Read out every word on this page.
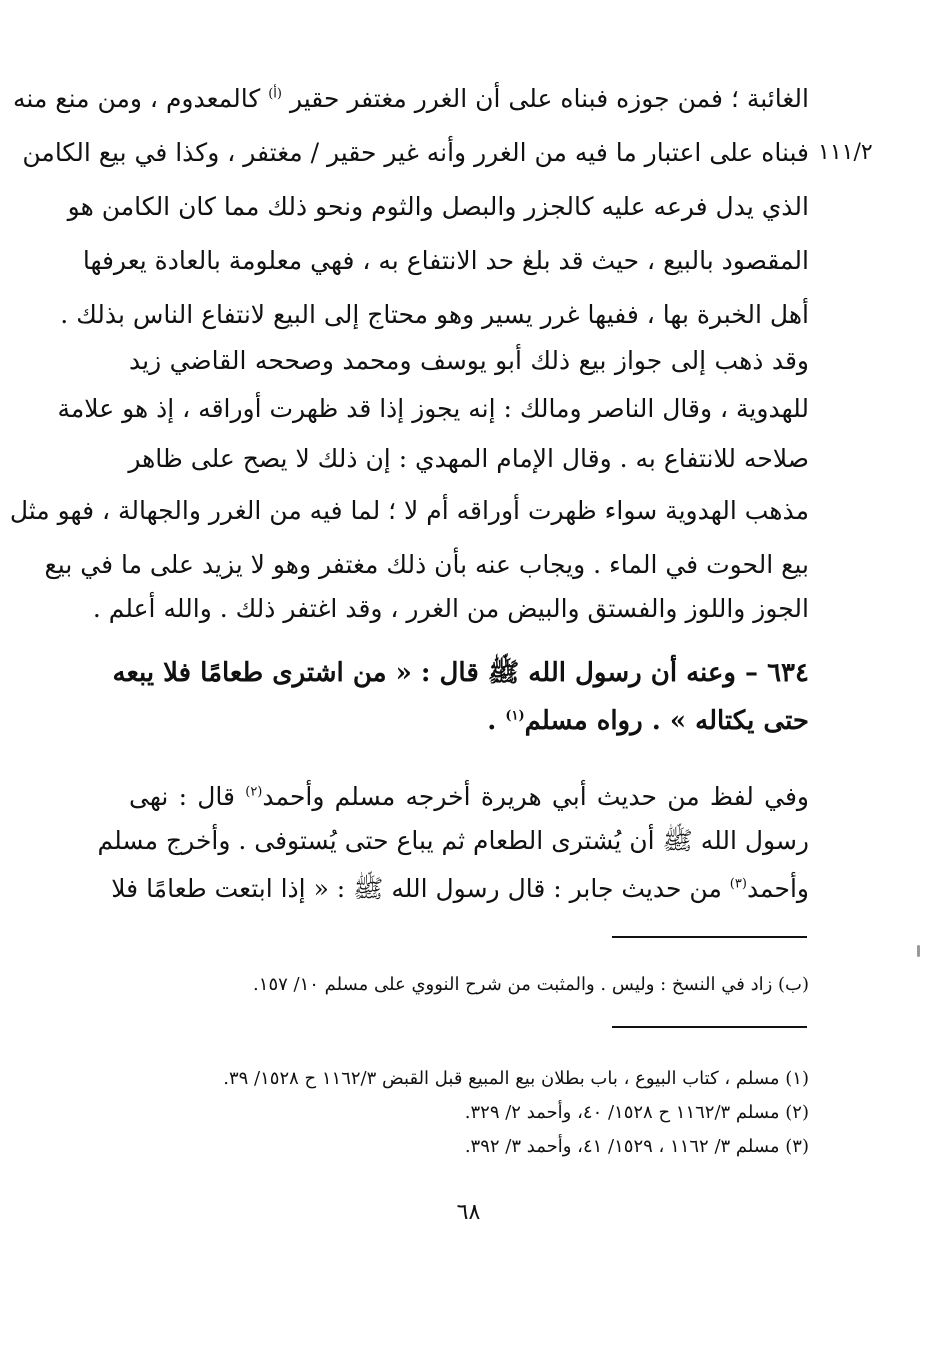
١١١/٢
الغائبة ؛ فمن جوزه فبناه على أن الغرر مغتفر حقير $^{(أ)}$ كالمعدوم ، ومن منع منه
فبناه على اعتبار ما فيه من الغرر وأنه غير حقير / مغتفر ، وكذا في بيع الكامن
الذي يدل فرعه عليه كالجزر والبصل والثوم ونحو ذلك مما كان الكامن هو
المقصود بالبيع ، حيث قد بلغ حد الانتفاع به ، فهي معلومة بالعادة يعرفها
أهل الخبرة بها ، ففيها غرر يسير وهو محتاج إلى البيع لانتفاع الناس بذلك .
وقد ذهب إلى جواز بيع ذلك أبو يوسف ومحمد وصححه القاضي زيد
للهدوية ، وقال الناصر ومالك : إنه يجوز إذا قد ظهرت أوراقه ، إذ هو علامة
صلاحه للانتفاع به . وقال الإمام المهدي : إن ذلك لا يصح على ظاهر
مذهب الهدوية سواء ظهرت أوراقه أم لا ؛ لما فيه من الغرر والجهالة ، فهو مثل
بيع الحوت في الماء . ويجاب عنه بأن ذلك مغتفر وهو لا يزيد على ما في بيع
الجوز واللوز والفستق والبيض من الغرر ، وقد اغتفر ذلك . والله أعلم .
٦٣٤ – وعنه أن رسول الله ﷺ قال : « من اشترى طعامًا فلا يبعه
حتى يكتاله » . رواه مسلم$^{(١)}$ .
وفي لفظ من حديث أبي هريرة أخرجه مسلم وأحمد$^{(٢)}$ قال : نهى
رسول الله ﷺ أن يُشترى الطعام ثم يباع حتى يُستوفى . وأخرج مسلم
وأحمد$^{(٣)}$ من حديث جابر : قال رسول الله ﷺ : « إذا ابتعت طعامًا فلا
(ب) زاد في النسخ : وليس . والمثبت من شرح النووي على مسلم ١٠/ ١٥٧.
(١) مسلم ، كتاب البيوع ، باب بطلان بيع المبيع قبل القبض ١١٦٢/٣ ح ١٥٢٨/ ٣٩.
(٢) مسلم ١١٦٢/٣ ح ١٥٢٨/ ٤٠، وأحمد ٢/ ٣٢٩.
(٣) مسلم ٣/ ١١٦٢ ، ١٥٢٩/ ٤١، وأحمد ٣/ ٣٩٢.
٦٨
